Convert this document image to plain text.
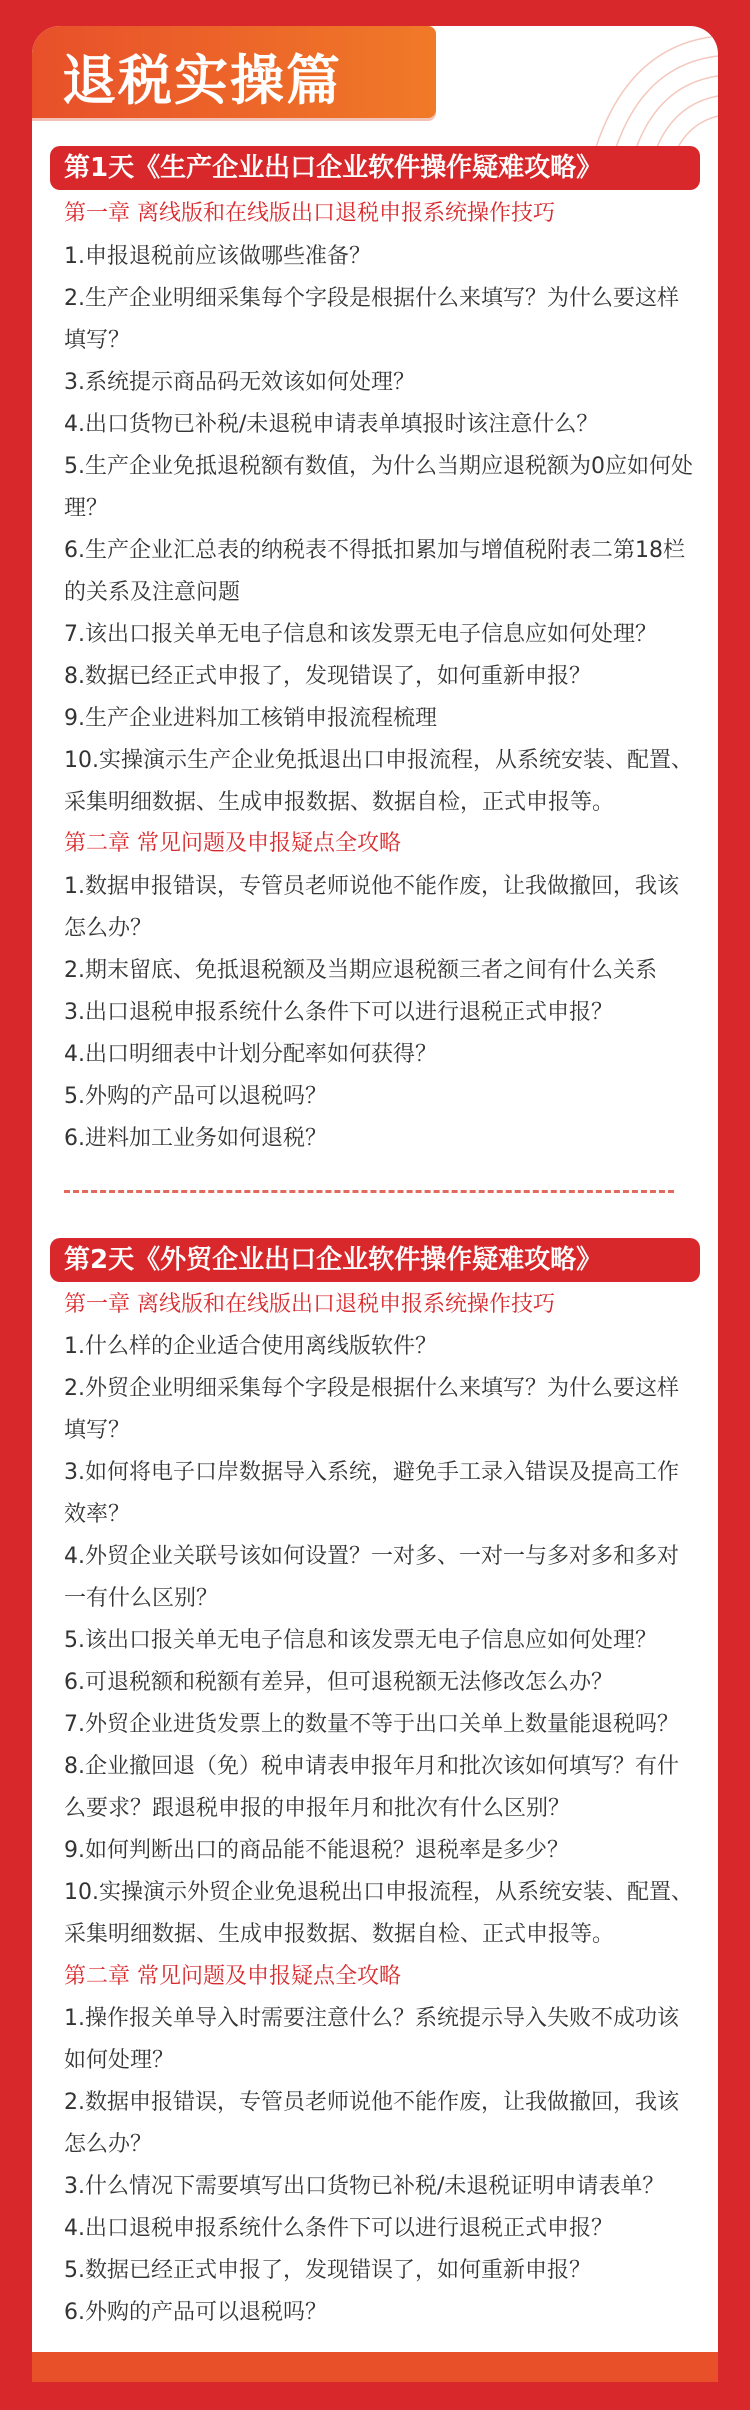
退税实操篇
第1天《生产企业出口企业软件操作疑难攻略》
第一章 离线版和在线版出口退税申报系统操作技巧
1.申报退税前应该做哪些准备？
2.生产企业明细采集每个字段是根据什么来填写？为什么要这样填写？
3.系统提示商品码无效该如何处理？
4.出口货物已补税/未退税申请表单填报时该注意什么？
5.生产企业免抵退税额有数值，为什么当期应退税额为0应如何处理？
6.生产企业汇总表的纳税表不得抵扣累加与增值税附表二第18栏的关系及注意问题
7.该出口报关单无电子信息和该发票无电子信息应如何处理？
8.数据已经正式申报了，发现错误了，如何重新申报？
9.生产企业进料加工核销申报流程梳理
10.实操演示生产企业免抵退出口申报流程，从系统安装、配置、采集明细数据、生成申报数据、数据自检，正式申报等。
第二章 常见问题及申报疑点全攻略
1.数据申报错误，专管员老师说他不能作废，让我做撤回，我该怎么办？
2.期末留底、免抵退税额及当期应退税额三者之间有什么关系
3.出口退税申报系统什么条件下可以进行退税正式申报？
4.出口明细表中计划分配率如何获得？
5.外购的产品可以退税吗？
6.进料加工业务如何退税？
第2天《外贸企业出口企业软件操作疑难攻略》
第一章 离线版和在线版出口退税申报系统操作技巧
1.什么样的企业适合使用离线版软件？
2.外贸企业明细采集每个字段是根据什么来填写？为什么要这样填写？
3.如何将电子口岸数据导入系统，避免手工录入错误及提高工作效率？
4.外贸企业关联号该如何设置？一对多、一对一与多对多和多对一有什么区别？
5.该出口报关单无电子信息和该发票无电子信息应如何处理？
6.可退税额和税额有差异，但可退税额无法修改怎么办？
7.外贸企业进货发票上的数量不等于出口关单上数量能退税吗？
8.企业撤回退（免）税申请表申报年月和批次该如何填写？有什么要求？跟退税申报的申报年月和批次有什么区别？
9.如何判断出口的商品能不能退税？退税率是多少？
10.实操演示外贸企业免退税出口申报流程，从系统安装、配置、采集明细数据、生成申报数据、数据自检、正式申报等。
第二章 常见问题及申报疑点全攻略
1.操作报关单导入时需要注意什么？系统提示导入失败不成功该如何处理？
2.数据申报错误，专管员老师说他不能作废，让我做撤回，我该怎么办？
3.什么情况下需要填写出口货物已补税/未退税证明申请表单？
4.出口退税申报系统什么条件下可以进行退税正式申报？
5.数据已经正式申报了，发现错误了，如何重新申报？
6.外购的产品可以退税吗？
